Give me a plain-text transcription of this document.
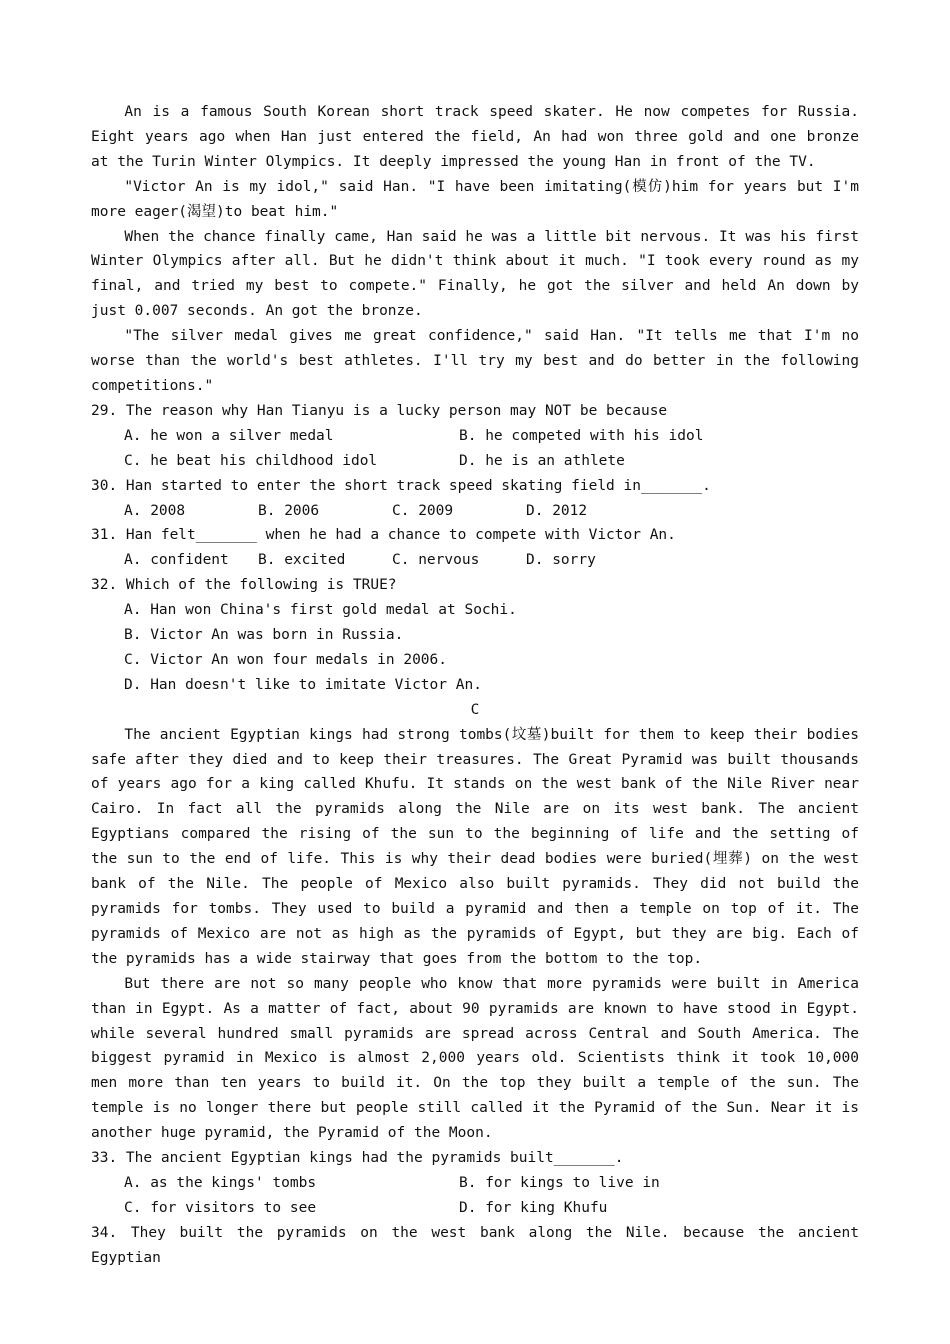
An is a famous South Korean short track speed skater. He now competes for Russia. Eight years ago when Han just entered the field, An had won three gold and one bronze at the Turin Winter Olympics. It deeply impressed the young Han in front of the TV.

"Victor An is my idol," said Han. "I have been imitating(模仿)him for years but I'm more eager(渴望)to beat him."

When the chance finally came, Han said he was a little bit nervous. It was his first Winter Olympics after all. But he didn't think about it much. "I took every round as my final, and tried my best to compete." Finally, he got the silver and held An down by just 0.007 seconds. An got the bronze.

"The silver medal gives me great confidence," said Han. "It tells me that I'm no worse than the world's best athletes. I'll try my best and do better in the following competitions."

29. The reason why Han Tianyu is a lucky person may NOT be because

A. he won a silver medal	B. he competed with his idol
C. he beat his childhood idol	D. he is an athlete

30. Han started to enter the short track speed skating field in_______.

A. 2008	B. 2006	C. 2009	D. 2012

31. Han felt_______ when he had a chance to compete with Victor An.

A. confident	B. excited	C. nervous	D. sorry

32. Which of the following is TRUE?

A. Han won China's first gold medal at Sochi.

B. Victor An was born in Russia.

C. Victor An won four medals in 2006.

D. Han doesn't like to imitate Victor An.

C

The ancient Egyptian kings had strong tombs(坟墓)built for them to keep their bodies safe after they died and to keep their treasures. The Great Pyramid was built thousands of years ago for a king called Khufu. It stands on the west bank of the Nile River near Cairo. In fact all the pyramids along the Nile are on its west bank. The ancient Egyptians compared the rising of the sun to the beginning of life and the setting of the sun to the end of life. This is why their dead bodies were buried(埋葬) on the west bank of the Nile. The people of Mexico also built pyramids. They did not build the pyramids for tombs. They used to build a pyramid and then a temple on top of it. The pyramids of Mexico are not as high as the pyramids of Egypt, but they are big. Each of the pyramids has a wide stairway that goes from the bottom to the top.

But there are not so many people who know that more pyramids were built in America than in Egypt. As a matter of fact, about 90 pyramids are known to have stood in Egypt. while several hundred small pyramids are spread across Central and South America. The biggest pyramid in Mexico is almost 2,000 years old. Scientists think it took 10,000 men more than ten years to build it. On the top they built a temple of the sun. The temple is no longer there but people still called it the Pyramid of the Sun. Near it is another huge pyramid, the Pyramid of the Moon.

33. The ancient Egyptian kings had the pyramids built_______.

A. as the kings' tombs	B. for kings to live in
C. for visitors to see	D. for king Khufu

34. They built the pyramids on the west bank along the Nile. because the ancient Egyptian
